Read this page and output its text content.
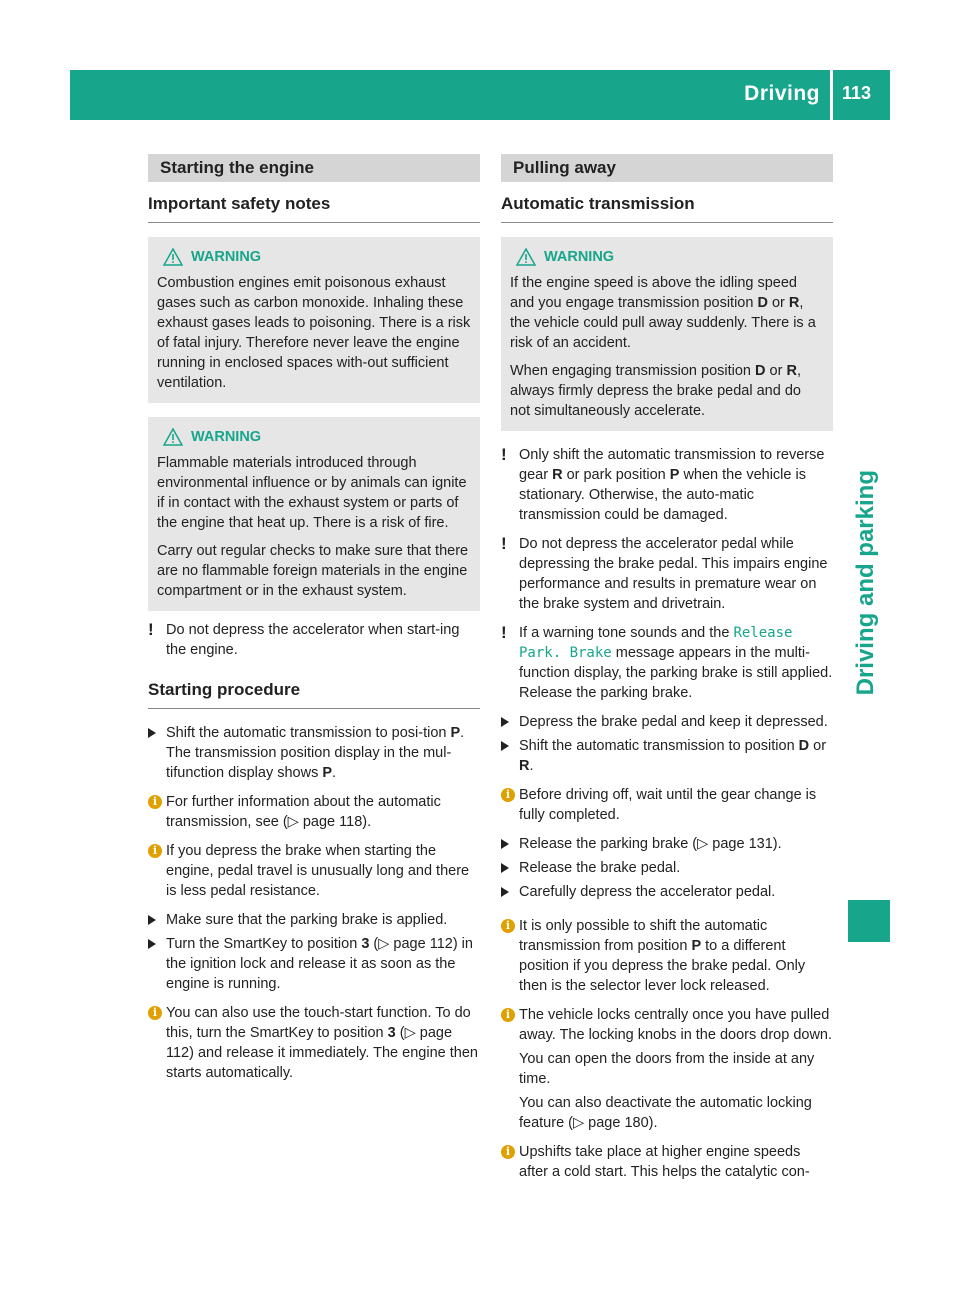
Driving 113
Driving and parking
Starting the engine
Important safety notes
WARNING

Combustion engines emit poisonous exhaust gases such as carbon monoxide. Inhaling these exhaust gases leads to poisoning. There is a risk of fatal injury. Therefore never leave the engine running in enclosed spaces with-out sufficient ventilation.

WARNING

Flammable materials introduced through environmental influence or by animals can ignite if in contact with the exhaust system or parts of the engine that heat up. There is a risk of fire.

Carry out regular checks to make sure that there are no flammable foreign materials in the engine compartment or in the exhaust system.

! Do not depress the accelerator when start-ing the engine.
Starting procedure

Shift the automatic transmission to posi-tion P.

The transmission position display in the mul-tifunction display shows P.

i For further information about the automatic transmission, see (▷ page 118).
i If you depress the brake when starting the engine, pedal travel is unusually long and there is less pedal resistance.
Make sure that the parking brake is applied.
Turn the SmartKey to position 3 (▷ page 112) in the ignition lock and release it as soon as the engine is running.
i You can also use the touch-start function. To do this, turn the SmartKey to position 3 (▷ page 112) and release it immediately. The engine then starts automatically.
Pulling away
Automatic transmission
WARNING

If the engine speed is above the idling speed and you engage transmission position D or R, the vehicle could pull away suddenly. There is a risk of an accident.

When engaging transmission position D or R, always firmly depress the brake pedal and do not simultaneously accelerate.

! Only shift the automatic transmission to reverse gear R or park position P when the vehicle is stationary. Otherwise, the auto-matic transmission could be damaged.
! Do not depress the accelerator pedal while depressing the brake pedal. This impairs engine performance and results in premature wear on the brake system and drivetrain.
! If a warning tone sounds and the Release Park. Brake message appears in the multi-function display, the parking brake is still applied. Release the parking brake.
Depress the brake pedal and keep it depressed.
Shift the automatic transmission to position D or R.
i Before driving off, wait until the gear change is fully completed.
Release the parking brake (▷ page 131).
Release the brake pedal.
Carefully depress the accelerator pedal.
i It is only possible to shift the automatic transmission from position P to a different position if you depress the brake pedal. Only then is the selector lever lock released.
i The vehicle locks centrally once you have pulled away. The locking knobs in the doors drop down.

You can open the doors from the inside at any time.

You can also deactivate the automatic locking feature (▷ page 180).

i Upshifts take place at higher engine speeds after a cold start. This helps the catalytic con-
